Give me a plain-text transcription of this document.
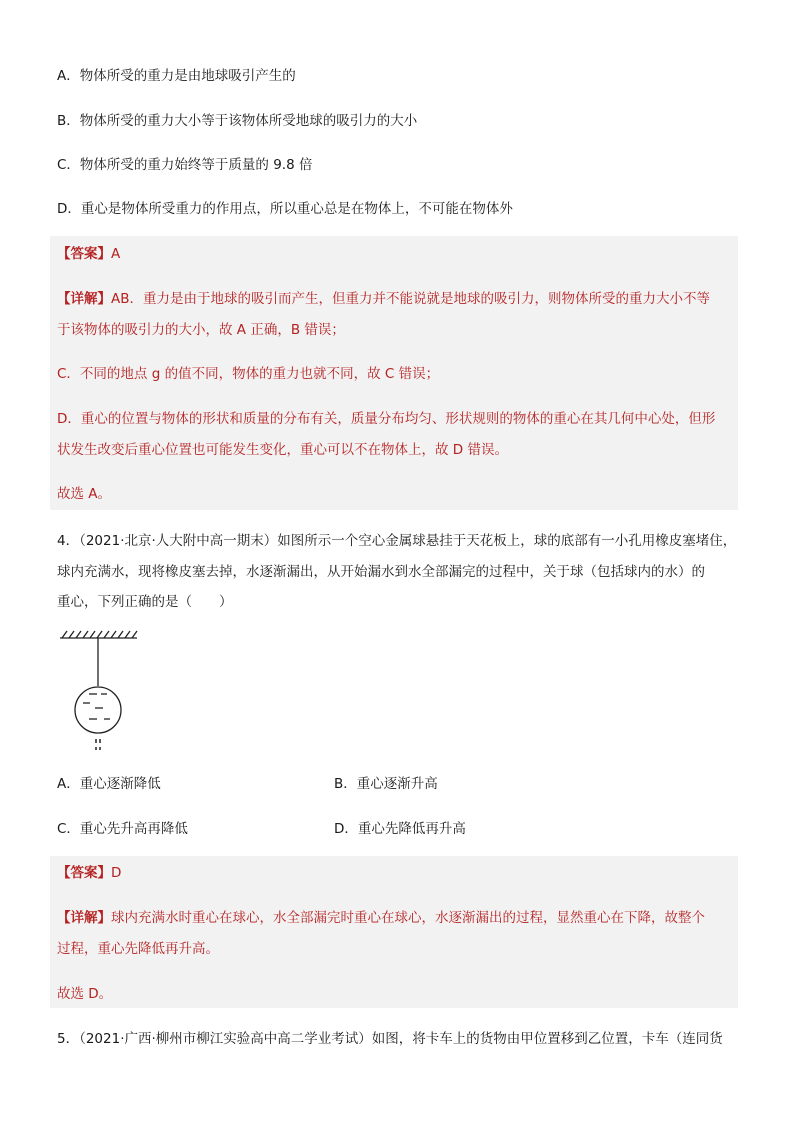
A．物体所受的重力是由地球吸引产生的
B．物体所受的重力大小等于该物体所受地球的吸引力的大小
C．物体所受的重力始终等于质量的 9.8 倍
D．重心是物体所受重力的作用点，所以重心总是在物体上，不可能在物体外
【答案】A
【详解】AB．重力是由于地球的吸引而产生，但重力并不能说就是地球的吸引力，则物体所受的重力大小不等
于该物体的吸引力的大小，故 A 正确，B 错误；
C．不同的地点 g 的值不同，物体的重力也就不同，故 C 错误；
D．重心的位置与物体的形状和质量的分布有关，质量分布均匀、形状规则的物体的重心在其几何中心处，但形
状发生改变后重心位置也可能发生变化，重心可以不在物体上，故 D 错误。
故选 A。
4．（2021·北京·人大附中高一期末）如图所示一个空心金属球悬挂于天花板上，球的底部有一小孔用橡皮塞堵住，
球内充满水，现将橡皮塞去掉，水逐渐漏出，从开始漏水到水全部漏完的过程中，关于球（包括球内的水）的
重心，下列正确的是（　　）
A．重心逐渐降低	B．重心逐渐升高
C．重心先升高再降低	D．重心先降低再升高
【答案】D
【详解】球内充满水时重心在球心，水全部漏完时重心在球心，水逐渐漏出的过程，显然重心在下降，故整个
过程，重心先降低再升高。
故选 D。
5．（2021·广西·柳州市柳江实验高中高二学业考试）如图，将卡车上的货物由甲位置移到乙位置，卡车（连同货
